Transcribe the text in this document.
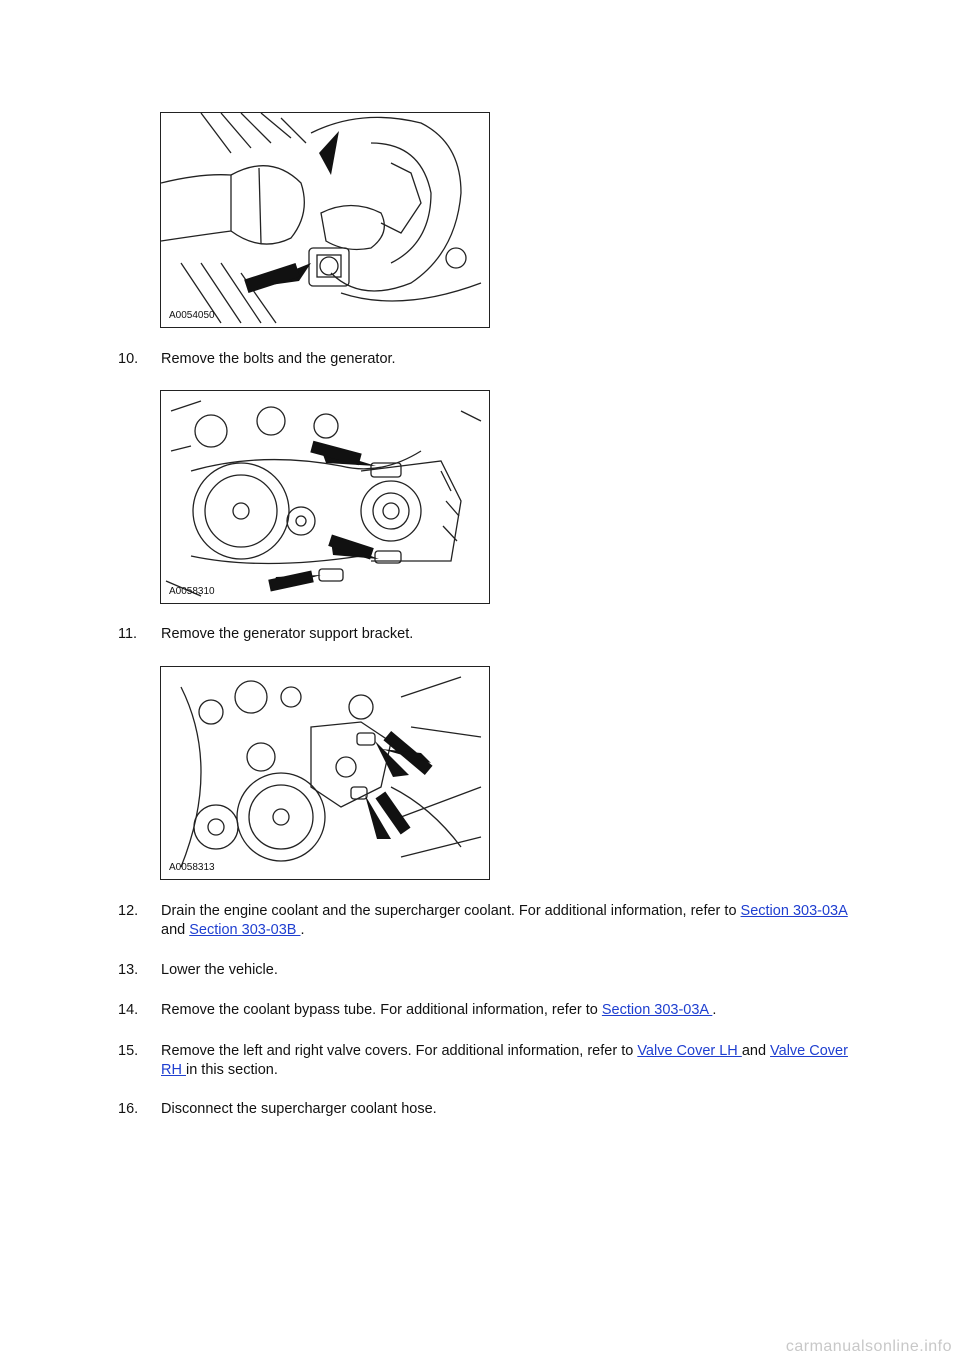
A0054050
10.	Remove the bolts and the generator.
A0058310
11.	Remove the generator support bracket.
A0058313
12.	Drain the engine coolant and the supercharger coolant. For additional information, refer to Section 303-03A and Section 303-03B .
13.	Lower the vehicle.
14.	Remove the coolant bypass tube. For additional information, refer to Section 303-03A .
15.	Remove the left and right valve covers. For additional information, refer to Valve Cover LH and Valve Cover RH in this section.
16.	Disconnect the supercharger coolant hose.
carmanualsonline.info
